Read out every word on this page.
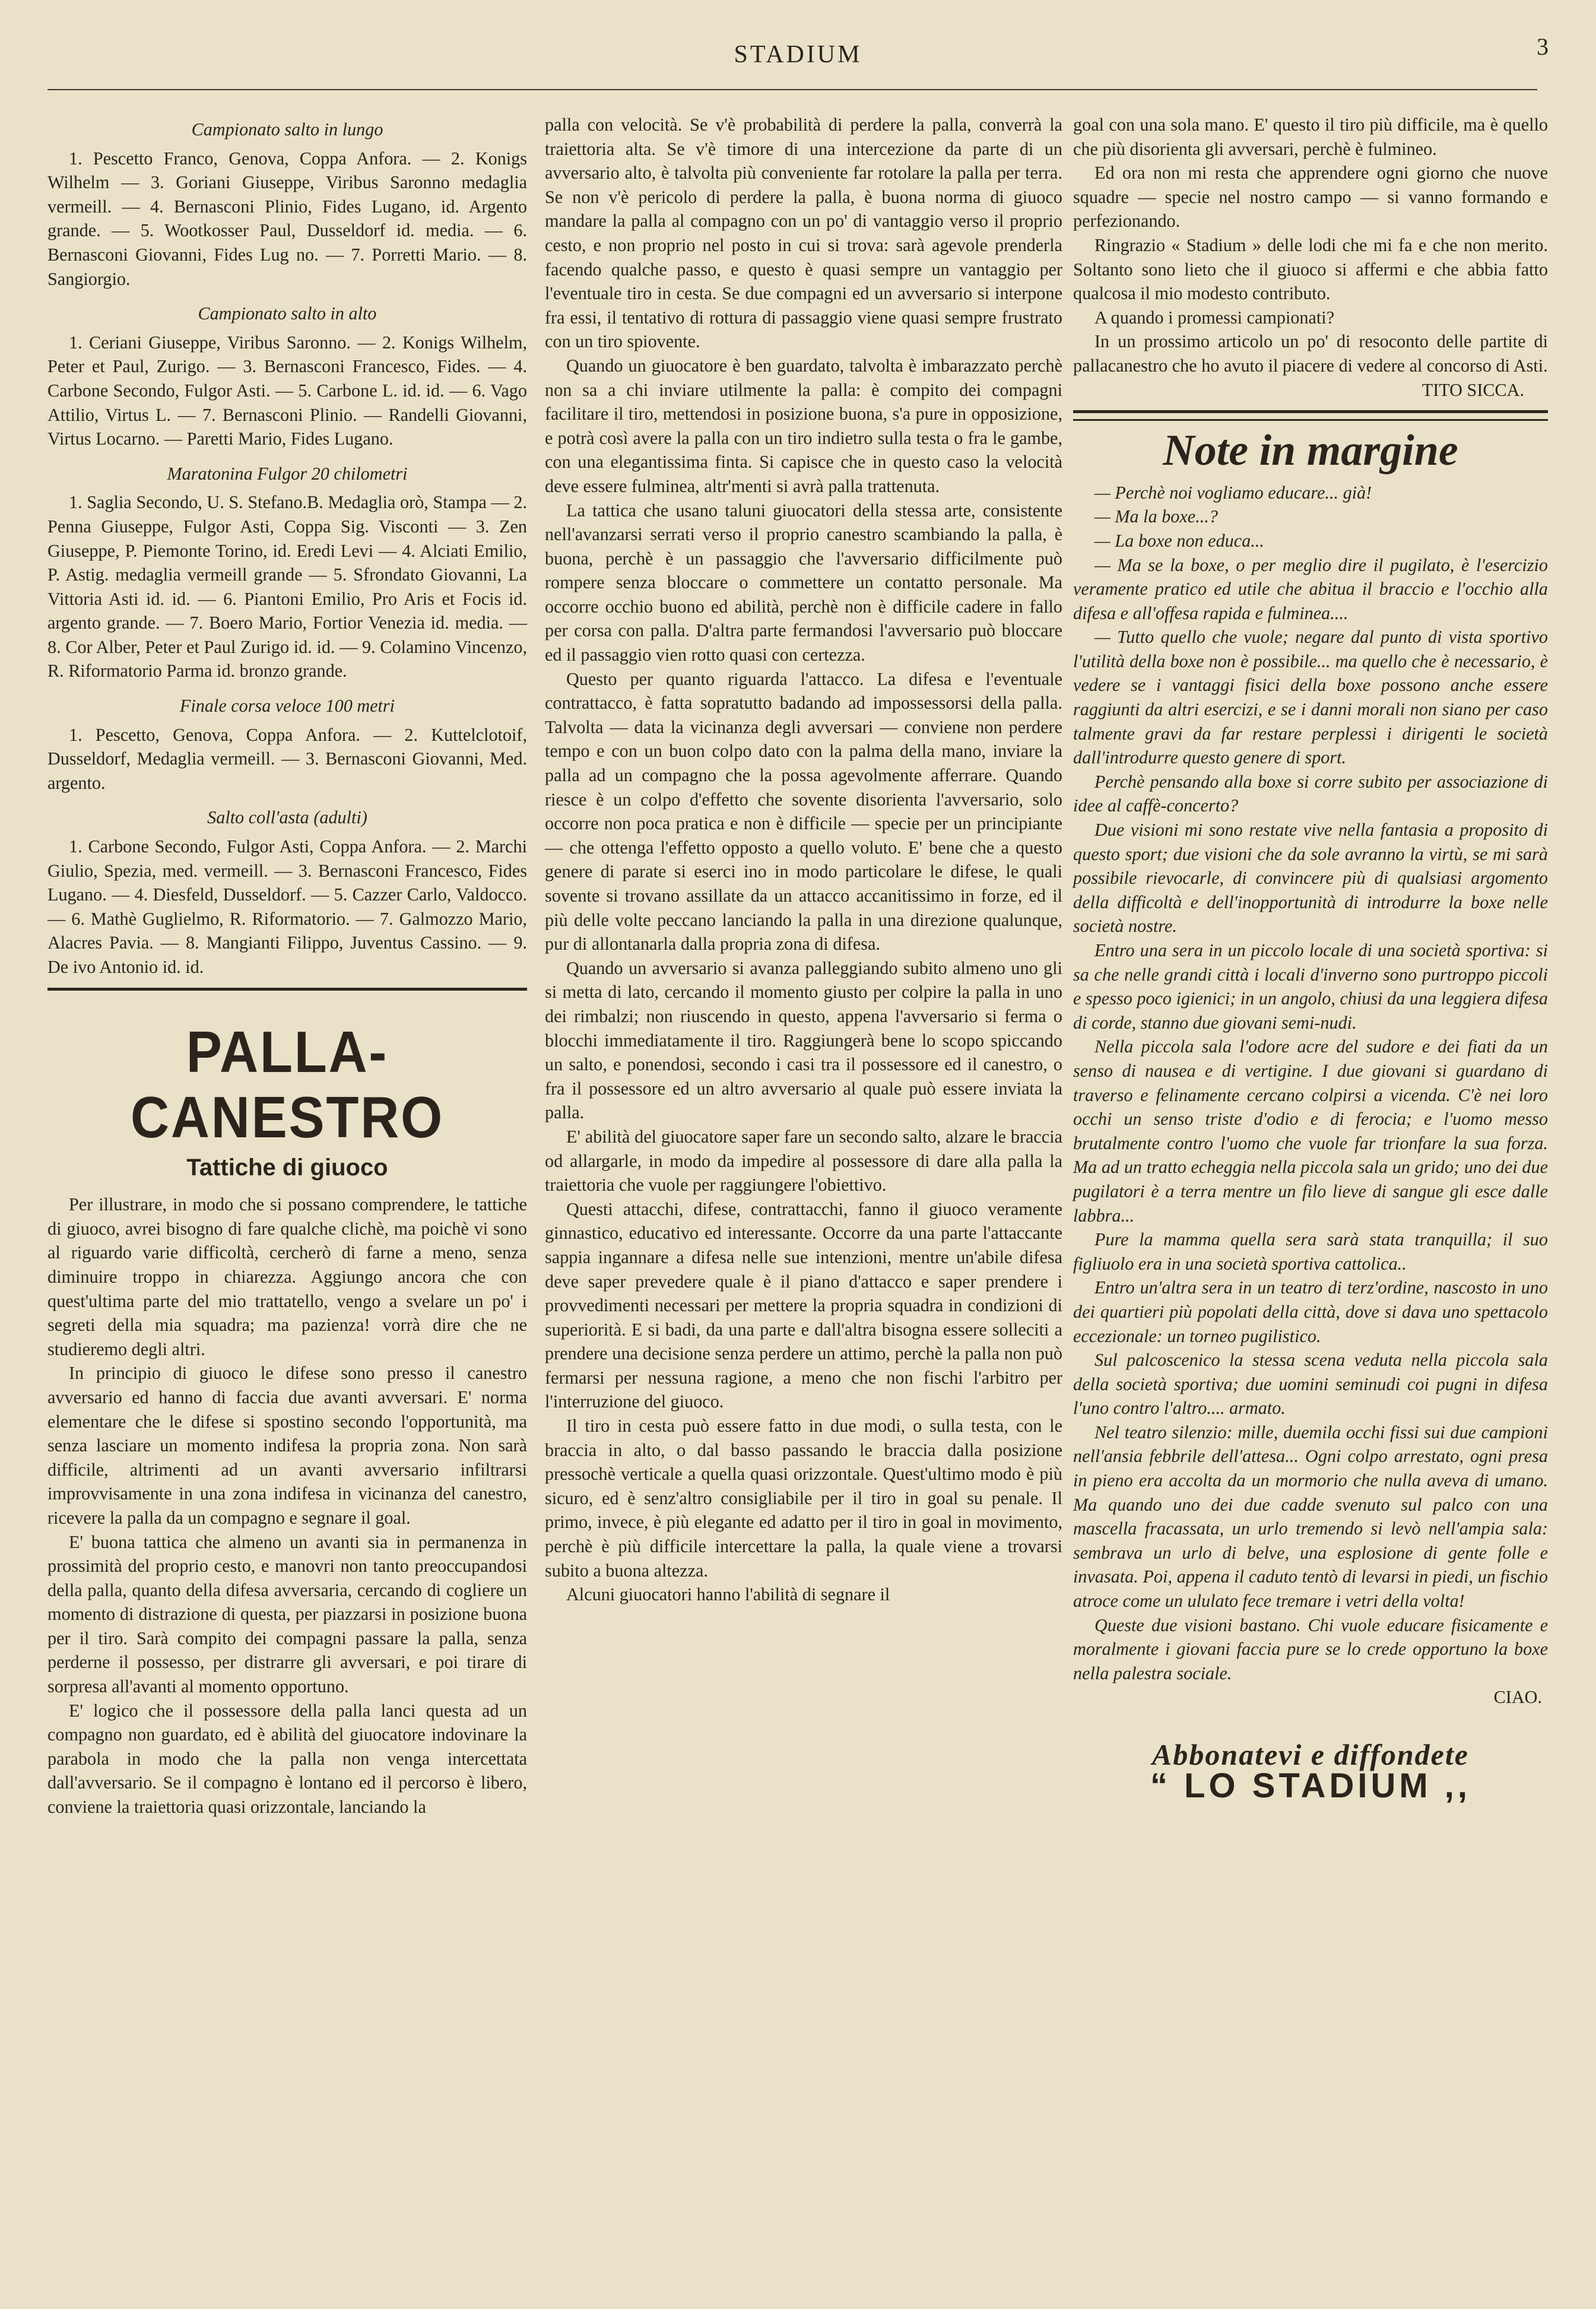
STADIUM	3
Campionato salto in lungo

1. Pescetto Franco, Genova, Coppa Anfora. — 2. Konigs Wilhelm — 3. Goriani Giuseppe, Viribus Saronno medaglia vermeill. — 4. Bernasconi Plinio, Fides Lugano, id. Argento grande. — 5. Wootkosser Paul, Dusseldorf id. media. — 6. Bernasconi Giovanni, Fides Lug no. — 7. Porretti Mario. — 8. Sangiorgio.

Campionato salto in alto

1. Ceriani Giuseppe, Viribus Saronno. — 2. Konigs Wilhelm, Peter et Paul, Zurigo. — 3. Bernasconi Francesco, Fides. — 4. Carbone Secondo, Fulgor Asti. — 5. Carbone L. id. id. — 6. Vago Attilio, Virtus L. — 7. Bernasconi Plinio. — Randelli Giovanni, Virtus Locarno. — Paretti Mario, Fides Lugano.

Maratonina Fulgor 20 chilometri

1. Saglia Secondo, U. S. Stefano.B. Medaglia orò, Stampa — 2. Penna Giuseppe, Fulgor Asti, Coppa Sig. Visconti — 3. Zen Giuseppe, P. Piemonte Torino, id. Eredi Levi — 4. Alciati Emilio, P. Astig. medaglia vermeill grande — 5. Sfrondato Giovanni, La Vittoria Asti id. id. — 6. Piantoni Emilio, Pro Aris et Focis id. argento grande. — 7. Boero Mario, Fortior Venezia id. media. — 8. Cor Alber, Peter et Paul Zurigo id. id. — 9. Colamino Vincenzo, R. Riformatorio Parma id. bronzo grande.

Finale corsa veloce 100 metri

1. Pescetto, Genova, Coppa Anfora. — 2. Kuttelclotoif, Dusseldorf, Medaglia vermeill. — 3. Bernasconi Giovanni, Med. argento.

Salto coll'asta (adulti)

1. Carbone Secondo, Fulgor Asti, Coppa Anfora. — 2. Marchi Giulio, Spezia, med. vermeill. — 3. Bernasconi Francesco, Fides Lugano. — 4. Diesfeld, Dusseldorf. — 5. Cazzer Carlo, Valdocco. — 6. Mathè Guglielmo, R. Riformatorio. — 7. Galmozzo Mario, Alacres Pavia. — 8. Mangianti Filippo, Juventus Cassino. — 9. De ivo Antonio id. id.

PALLA-CANESTRO
Tattiche di giuoco

Per illustrare, in modo che si possano comprendere, le tattiche di giuoco, avrei bisogno di fare qualche clichè, ma poichè vi sono al riguardo varie difficoltà, cercherò di farne a meno, senza diminuire troppo in chiarezza. Aggiungo ancora che con quest'ultima parte del mio trattatello, vengo a svelare un po' i segreti della mia squadra; ma pazienza! vorrà dire che ne studieremo degli altri.

In principio di giuoco le difese sono presso il canestro avversario ed hanno di faccia due avanti avversari. E' norma elementare che le difese si spostino secondo l'opportunità, ma senza lasciare un momento indifesa la propria zona. Non sarà difficile, altrimenti ad un avanti avversario infiltrarsi improvvisamente in una zona indifesa in vicinanza del canestro, ricevere la palla da un compagno e segnare il goal.

E' buona tattica che almeno un avanti sia in permanenza in prossimità del proprio cesto, e manovri non tanto preoccupandosi della palla, quanto della difesa avversaria, cercando di cogliere un momento di distrazione di questa, per piazzarsi in posizione buona per il tiro. Sarà compito dei compagni passare la palla, senza perderne il possesso, per distrarre gli avversari, e poi tirare di sorpresa all'avanti al momento opportuno.

E' logico che il possessore della palla lanci questa ad un compagno non guardato, ed è abilità del giuocatore indovinare la parabola in modo che la palla non venga intercettata dall'avversario. Se il compagno è lontano ed il percorso è libero, conviene la traiettoria quasi orizzontale, lanciando la

palla con velocità. Se v'è probabilità di perdere la palla, converrà la traiettoria alta. Se v'è timore di una intercezione da parte di un avversario alto, è talvolta più conveniente far rotolare la palla per terra. Se non v'è pericolo di perdere la palla, è buona norma di giuoco mandare la palla al compagno con un po' di vantaggio verso il proprio cesto, e non proprio nel posto in cui si trova: sarà agevole prenderla facendo qualche passo, e questo è quasi sempre un vantaggio per l'eventuale tiro in cesta. Se due compagni ed un avversario si interpone fra essi, il tentativo di rottura di passaggio viene quasi sempre frustrato con un tiro spiovente.

Quando un giuocatore è ben guardato, talvolta è imbarazzato perchè non sa a chi inviare utilmente la palla: è compito dei compagni facilitare il tiro, mettendosi in posizione buona, s'a pure in opposizione, e potrà così avere la palla con un tiro indietro sulla testa o fra le gambe, con una elegantissima finta. Si capisce che in questo caso la velocità deve essere fulminea, altr'menti si avrà palla trattenuta.

La tattica che usano taluni giuocatori della stessa arte, consistente nell'avanzarsi serrati verso il proprio canestro scambiando la palla, è buona, perchè è un passaggio che l'avversario difficilmente può rompere senza bloccare o commettere un contatto personale. Ma occorre occhio buono ed abilità, perchè non è difficile cadere in fallo per corsa con palla. D'altra parte fermandosi l'avversario può bloccare ed il passaggio vien rotto quasi con certezza.

Questo per quanto riguarda l'attacco. La difesa e l'eventuale contrattacco, è fatta sopratutto badando ad impossessorsi della palla. Talvolta — data la vicinanza degli avversari — conviene non perdere tempo e con un buon colpo dato con la palma della mano, inviare la palla ad un compagno che la possa agevolmente afferrare. Quando riesce è un colpo d'effetto che sovente disorienta l'avversario, solo occorre non poca pratica e non è difficile — specie per un principiante — che ottenga l'effetto opposto a quello voluto. E' bene che a questo genere di parate si eserci ino in modo particolare le difese, le quali sovente si trovano assillate da un attacco accanitissimo in forze, ed il più delle volte peccano lanciando la palla in una direzione qualunque, pur di allontanarla dalla propria zona di difesa.

Quando un avversario si avanza palleggiando subito almeno uno gli si metta di lato, cercando il momento giusto per colpire la palla in uno dei rimbalzi; non riuscendo in questo, appena l'avversario si ferma o blocchi immediatamente il tiro. Raggiungerà bene lo scopo spiccando un salto, e ponendosi, secondo i casi tra il possessore ed il canestro, o fra il possessore ed un altro avversario al quale può essere inviata la palla.

E' abilità del giuocatore saper fare un secondo salto, alzare le braccia od allargarle, in modo da impedire al possessore di dare alla palla la traiettoria che vuole per raggiungere l'obiettivo.

Questi attacchi, difese, contrattacchi, fanno il giuoco veramente ginnastico, educativo ed interessante. Occorre da una parte l'attaccante sappia ingannare a difesa nelle sue intenzioni, mentre un'abile difesa deve saper prevedere quale è il piano d'attacco e saper prendere i provvedimenti necessari per mettere la propria squadra in condizioni di superiorità. E si badi, da una parte e dall'altra bisogna essere solleciti a prendere una decisione senza perdere un attimo, perchè la palla non può fermarsi per nessuna ragione, a meno che non fischi l'arbitro per l'interruzione del giuoco.

Il tiro in cesta può essere fatto in due modi, o sulla testa, con le braccia in alto, o dal basso passando le braccia dalla posizione pressochè verticale a quella quasi orizzontale. Quest'ultimo modo è più sicuro, ed è senz'altro consigliabile per il tiro in goal su penale. Il primo, invece, è più elegante ed adatto per il tiro in goal in movimento, perchè è più difficile intercettare la palla, la quale viene a trovarsi subito a buona altezza.

Alcuni giuocatori hanno l'abilità di segnare il

goal con una sola mano. E' questo il tiro più difficile, ma è quello che più disorienta gli avversari, perchè è fulmineo.

Ed ora non mi resta che apprendere ogni giorno che nuove squadre — specie nel nostro campo — si vanno formando e perfezionando.

Ringrazio « Stadium » delle lodi che mi fa e che non merito. Soltanto sono lieto che il giuoco si affermi e che abbia fatto qualcosa il mio modesto contributo.

A quando i promessi campionati?

In un prossimo articolo un po' di resoconto delle partite di pallacanestro che ho avuto il piacere di vedere al concorso di Asti.

TITO SICCA.
Note in margine

— Perchè noi vogliamo educare... già!

— Ma la boxe...?

— La boxe non educa...

— Ma se la boxe, o per meglio dire il pugilato, è l'esercizio veramente pratico ed utile che abitua il braccio e l'occhio alla difesa e all'offesa rapida e fulminea....

— Tutto quello che vuole; negare dal punto di vista sportivo l'utilità della boxe non è possibile... ma quello che è necessario, è vedere se i vantaggi fisici della boxe possono anche essere raggiunti da altri esercizi, e se i danni morali non siano per caso talmente gravi da far restare perplessi i dirigenti le società dall'introdurre questo genere di sport.

Perchè pensando alla boxe si corre subito per associazione di idee al caffè-concerto?

Due visioni mi sono restate vive nella fantasia a proposito di questo sport; due visioni che da sole avranno la virtù, se mi sarà possibile rievocarle, di convincere più di qualsiasi argomento della difficoltà e dell'inopportunità di introdurre la boxe nelle società nostre.

Entro una sera in un piccolo locale di una società sportiva: si sa che nelle grandi città i locali d'inverno sono purtroppo piccoli e spesso poco igienici; in un angolo, chiusi da una leggiera difesa di corde, stanno due giovani semi-nudi.

Nella piccola sala l'odore acre del sudore e dei fiati da un senso di nausea e di vertigine. I due giovani si guardano di traverso e felinamente cercano colpirsi a vicenda. C'è nei loro occhi un senso triste d'odio e di ferocia; e l'uomo messo brutalmente contro l'uomo che vuole far trionfare la sua forza. Ma ad un tratto echeggia nella piccola sala un grido; uno dei due pugilatori è a terra mentre un filo lieve di sangue gli esce dalle labbra...

Pure la mamma quella sera sarà stata tranquilla; il suo figliuolo era in una società sportiva cattolica..

Entro un'altra sera in un teatro di terz'ordine, nascosto in uno dei quartieri più popolati della città, dove si dava uno spettacolo eccezionale: un torneo pugilistico.

Sul palcoscenico la stessa scena veduta nella piccola sala della società sportiva; due uomini seminudi coi pugni in difesa l'uno contro l'altro.... armato.

Nel teatro silenzio: mille, duemila occhi fissi sui due campioni nell'ansia febbrile dell'attesa... Ogni colpo arrestato, ogni presa in pieno era accolta da un mormorio che nulla aveva di umano. Ma quando uno dei due cadde svenuto sul palco con una mascella fracassata, un urlo tremendo si levò nell'ampia sala: sembrava un urlo di belve, una esplosione di gente folle e invasata. Poi, appena il caduto tentò di levarsi in piedi, un fischio atroce come un ululato fece tremare i vetri della volta!

Queste due visioni bastano. Chi vuole educare fisicamente e moralmente i giovani faccia pure se lo crede opportuno la boxe nella palestra sociale.

CIAO.
Abbonatevi e diffondete
“ LO STADIUM ,,
